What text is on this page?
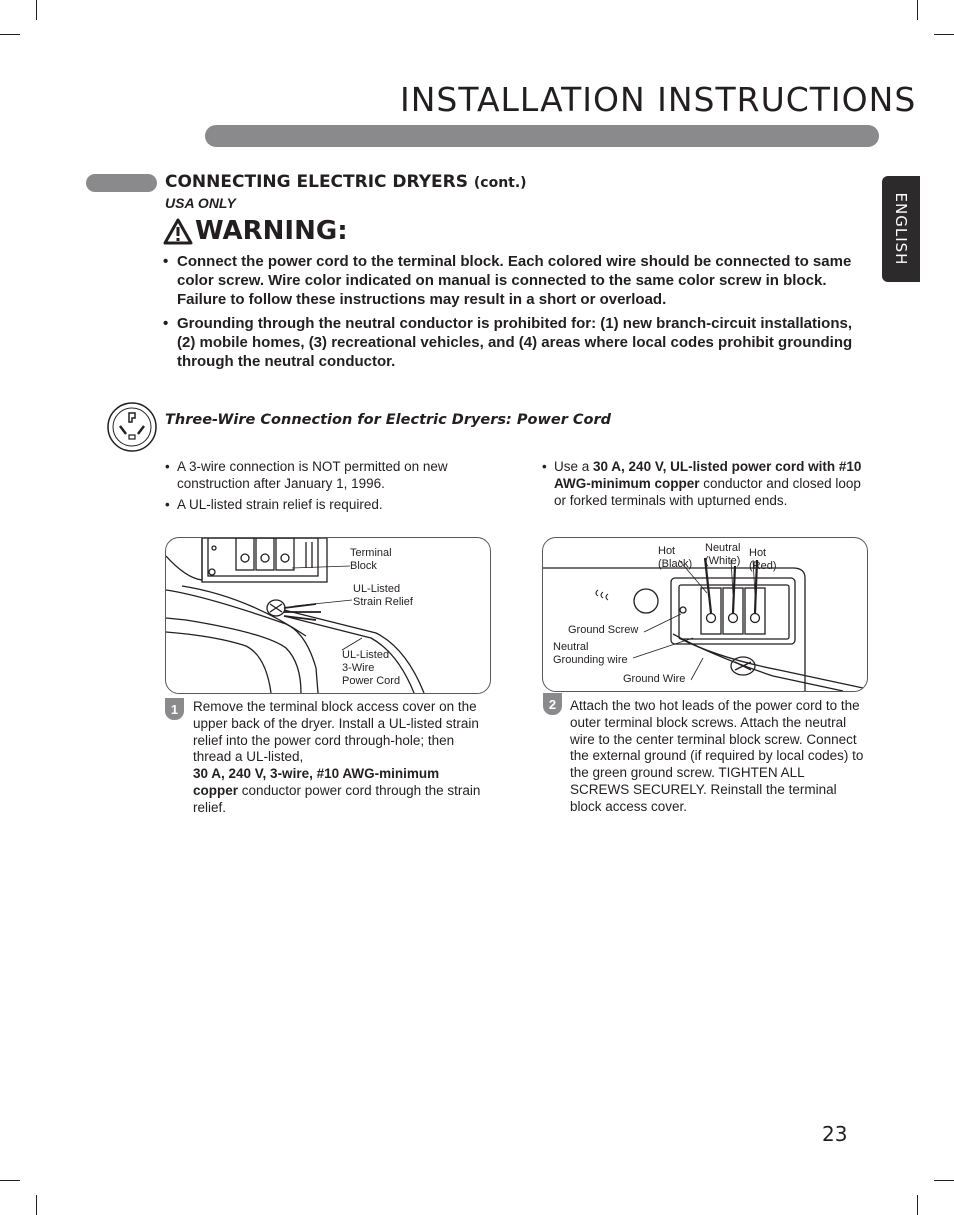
INSTALLATION INSTRUCTIONS
ENGLISH
CONNECTING ELECTRIC DRYERS (cont.)
USA ONLY
WARNING:
• Connect the power cord to the terminal block. Each colored wire should be connected to same color screw. Wire color indicated on manual is connected to the same color screw in block. Failure to follow these instructions may result in a short or overload.
• Grounding through the neutral conductor is prohibited for: (1) new branch-circuit installations, (2) mobile homes, (3) recreational vehicles, and (4) areas where local codes prohibit grounding through the neutral conductor.
Three-Wire Connection for Electric Dryers: Power Cord
• A 3-wire connection is NOT permitted on new construction after January 1, 1996.
• A UL-listed strain relief is required.
• Use a 30 A, 240 V, UL-listed power cord with #10 AWG-minimum copper conductor and closed loop or forked terminals with upturned ends.
Terminal
Block
UL-Listed
Strain Relief
UL-Listed
3-Wire
Power Cord
Hot
(Black)
Neutral
(White)
Hot
(Red)
Ground Screw
Neutral
Grounding wire
Ground Wire
1	Remove the terminal block access cover on the upper back of the dryer. Install a UL-listed strain relief into the power cord through-hole; then thread a UL-listed,
30 A, 240 V, 3-wire, #10 AWG-minimum copper conductor power cord through the strain relief.
2	Attach the two hot leads of the power cord to the outer terminal block screws. Attach the neutral wire to the center terminal block screw. Connect the external ground (if required by local codes) to the green ground screw. TIGHTEN ALL SCREWS SECURELY. Reinstall the terminal block access cover.
23
